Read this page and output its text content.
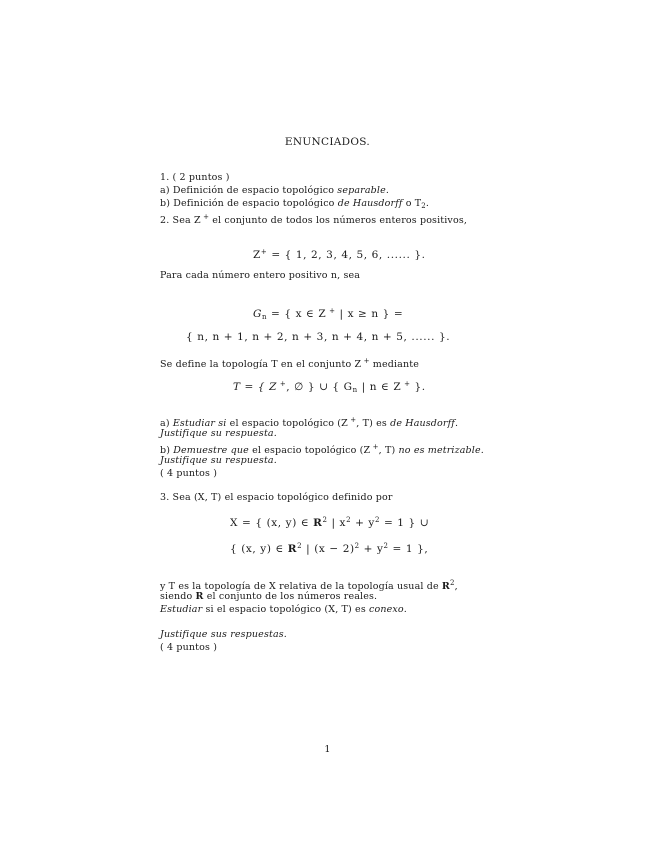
ENUNCIADOS.
1. ( 2 puntos )
a) Definición de espacio topológico separable.
b) Definición de espacio topológico de Hausdorff o $T_2$.
2. Sea Z + el conjunto de todos los números enteros positivos,
Z+ = { 1, 2, 3, 4, 5, 6, ...... }.
Para cada número entero positivo n, sea
$G_n$ = { x ∈ Z + | x ≥ n } =
{ n, n + 1, n + 2, n + 3, n + 4, n + 5, ...... }.
Se define la topología T en el conjunto Z + mediante
T = { Z +, ∅ } ∪ { $G_n$ | n ∈ Z + }.
a) Estudiar si el espacio topológico (Z +, T) es de Hausdorff.
Justifique su respuesta.
b) Demuestre que el espacio topológico (Z +, T) no es metrizable.
Justifique su respuesta.
( 4 puntos )
3. Sea (X, T) el espacio topológico definido por
X = { (x, y) ∈ $R^2$ | $x^2 + y^2 = 1$ } ∪
{ (x, y) ∈ $R^2$ | $(x - 2)^2 + y^2 = 1$ },
y T es la topología de X relativa de la topología usual de $R^2$,
siendo R el conjunto de los números reales.
Estudiar si el espacio topológico (X, T) es conexo.
Justifique sus respuestas.
( 4 puntos )
1
